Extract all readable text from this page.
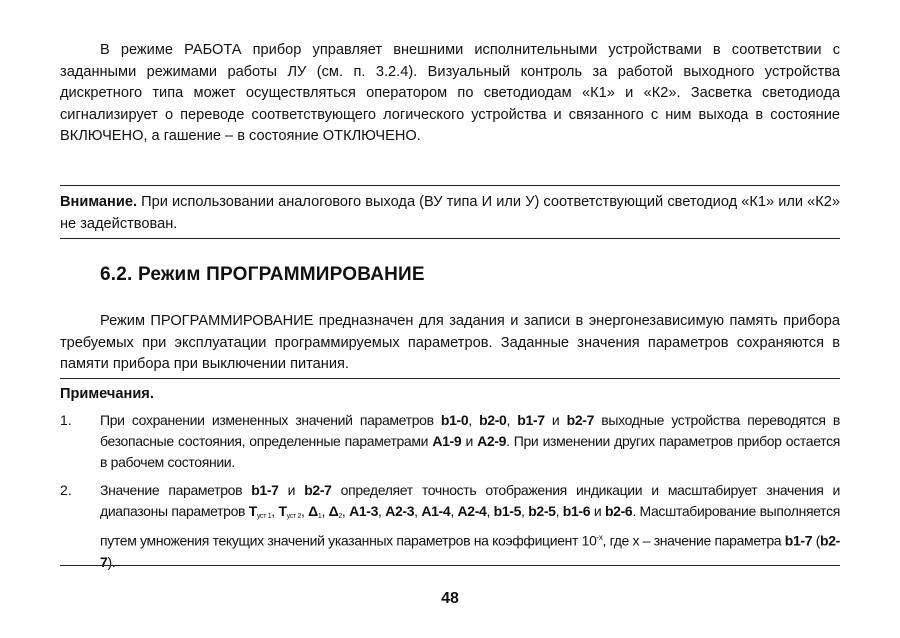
В режиме РАБОТА прибор управляет внешними исполнительными устройствами в соответствии с заданными режимами работы ЛУ (см. п. 3.2.4). Визуальный контроль за работой выходного устройства дискретного типа может осуществляться оператором по светодиодам «К1» и «К2». Засветка светодиода сигнализирует о переводе соответствующего логического устройства и связанного с ним выхода в состояние ВКЛЮЧЕНО, а гашение – в состояние ОТКЛЮЧЕНО.

Внимание. При использовании аналогового выхода (ВУ типа И или У) соответствующий светодиод «К1» или «К2» не задействован.

6.2. Режим ПРОГРАММИРОВАНИЕ

Режим ПРОГРАММИРОВАНИЕ предназначен для задания и записи в энергонезависимую память прибора требуемых при эксплуатации программируемых параметров. Заданные значения параметров сохраняются в памяти прибора при выключении питания.

Примечания.
1. При сохранении измененных значений параметров b1-0, b2-0, b1-7 и b2-7 выходные устройства переводятся в безопасные состояния, определенные параметрами А1-9 и А2-9. При изменении других параметров прибор остается в рабочем состоянии.

2. Значение параметров b1-7 и b2-7 определяет точность отображения индикации и масштабирует значения и диапазоны параметров $T_{уст 1}$, $T_{уст 2}$, $\Delta_1$, $\Delta_2$, А1-3, А2-3, А1-4, А2-4, b1-5, b2-5, b1-6 и b2-6. Масштабирование выполняется путем умножения текущих значений указанных параметров на коэффициент $10^{-x}$, где x – значение параметра b1-7 (b2-7).

48
